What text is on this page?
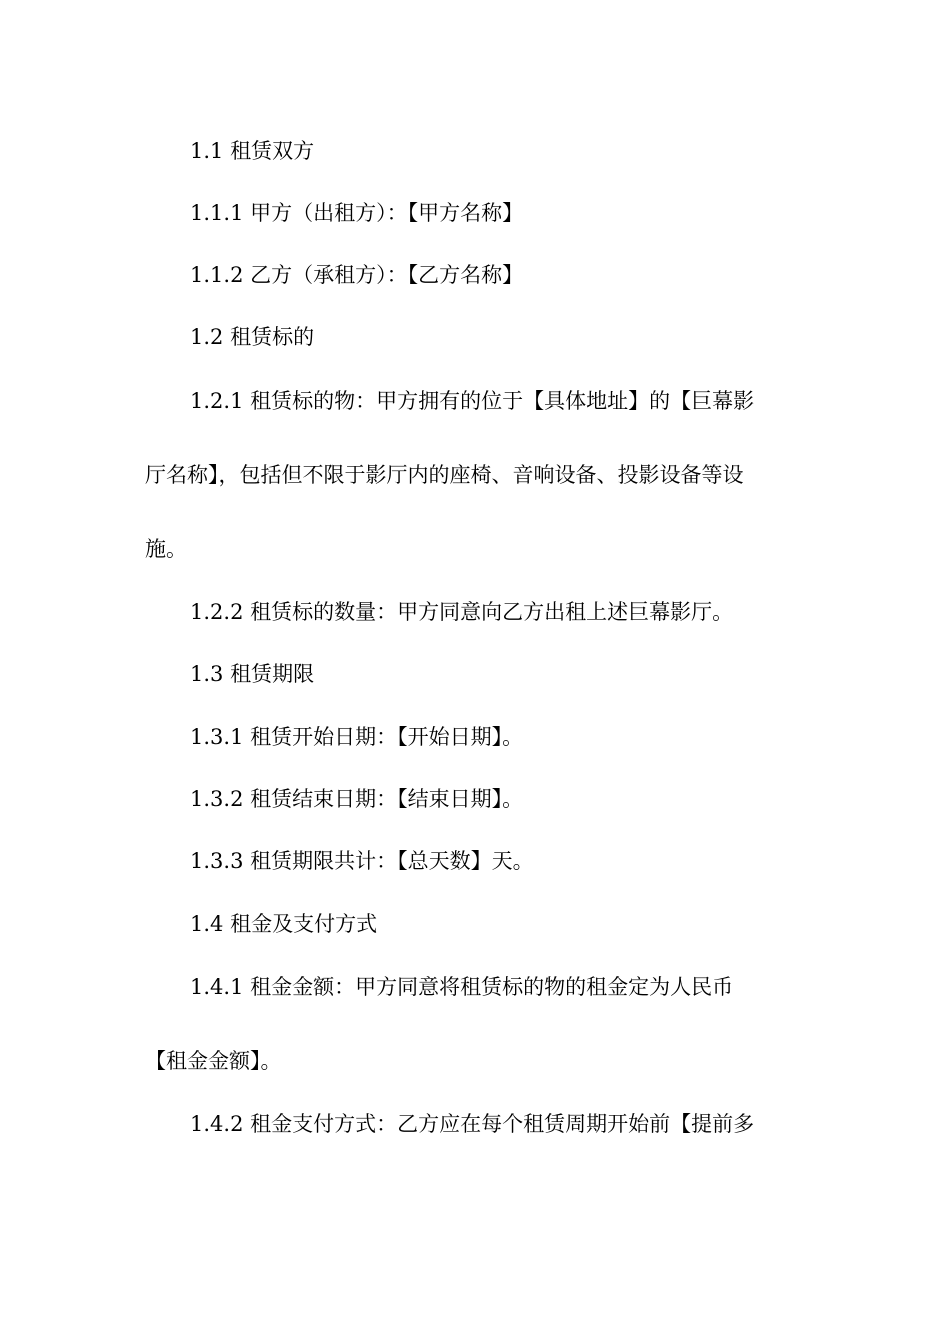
1.1 租赁双方

1.1.1 甲方（出租方）：【甲方名称】

1.1.2 乙方（承租方）：【乙方名称】

1.2 租赁标的

1.2.1 租赁标的物：甲方拥有的位于【具体地址】的【巨幕影

厅名称】，包括但不限于影厅内的座椅、音响设备、投影设备等设

施。

1.2.2 租赁标的数量：甲方同意向乙方出租上述巨幕影厅。

1.3 租赁期限

1.3.1 租赁开始日期：【开始日期】。

1.3.2 租赁结束日期：【结束日期】。

1.3.3 租赁期限共计：【总天数】天。

1.4 租金及支付方式

1.4.1 租金金额：甲方同意将租赁标的物的租金定为人民币

【租金金额】。

1.4.2 租金支付方式：乙方应在每个租赁周期开始前【提前多
